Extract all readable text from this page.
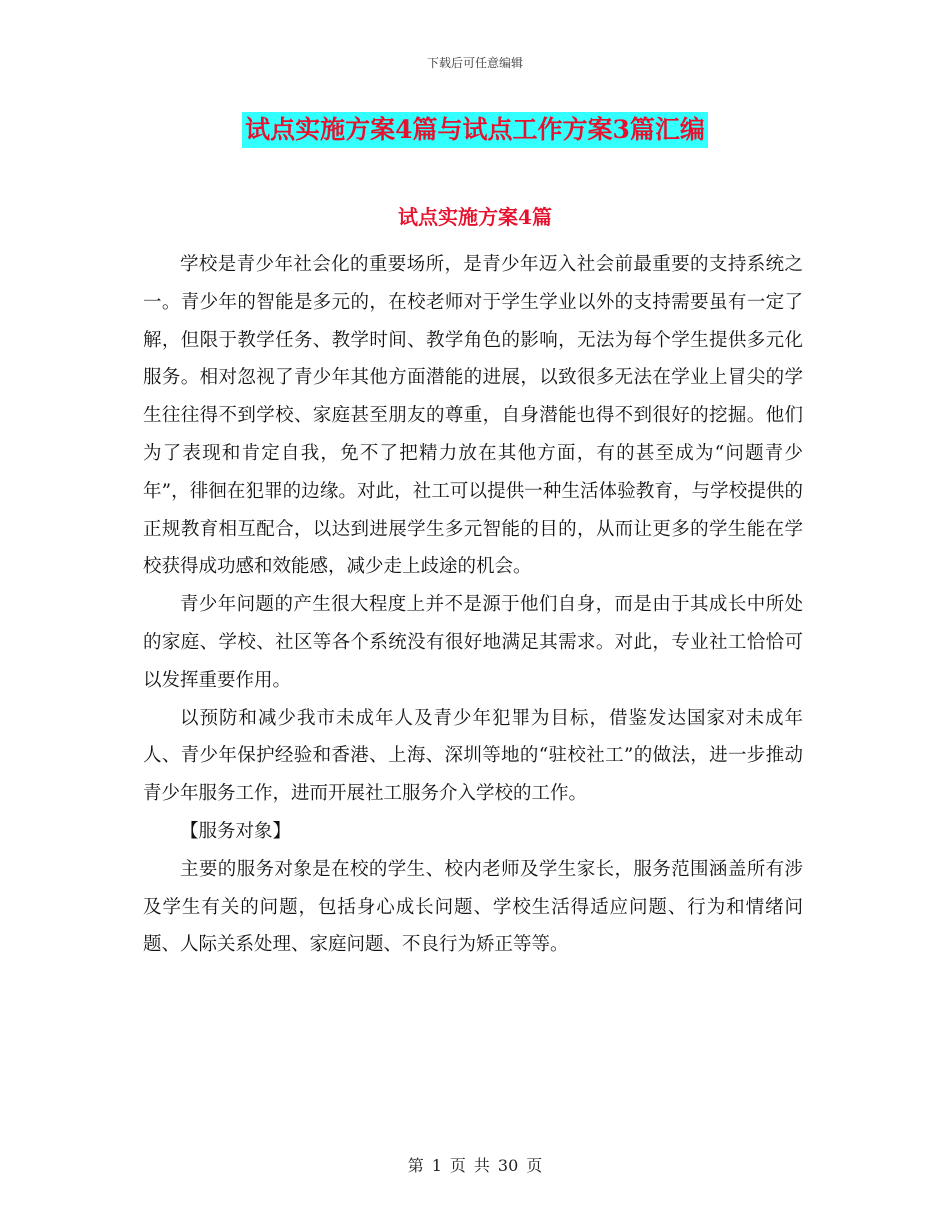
下载后可任意编辑
试点实施方案4篇与试点工作方案3篇汇编
试点实施方案4篇

学校是青少年社会化的重要场所，是青少年迈入社会前最重要的支持系统之一。青少年的智能是多元的，在校老师对于学生学业以外的支持需要虽有一定了解，但限于教学任务、教学时间、教学角色的影响，无法为每个学生提供多元化服务。相对忽视了青少年其他方面潜能的进展，以致很多无法在学业上冒尖的学生往往得不到学校、家庭甚至朋友的尊重，自身潜能也得不到很好的挖掘。他们为了表现和肯定自我，免不了把精力放在其他方面，有的甚至成为“问题青少年”，徘徊在犯罪的边缘。对此，社工可以提供一种生活体验教育，与学校提供的正规教育相互配合，以达到进展学生多元智能的目的，从而让更多的学生能在学校获得成功感和效能感，减少走上歧途的机会。

青少年问题的产生很大程度上并不是源于他们自身，而是由于其成长中所处的家庭、学校、社区等各个系统没有很好地满足其需求。对此，专业社工恰恰可以发挥重要作用。

以预防和减少我市未成年人及青少年犯罪为目标，借鉴发达国家对未成年人、青少年保护经验和香港、上海、深圳等地的“驻校社工”的做法，进一步推动青少年服务工作，进而开展社工服务介入学校的工作。

【服务对象】

主要的服务对象是在校的学生、校内老师及学生家长，服务范围涵盖所有涉及学生有关的问题，包括身心成长问题、学校生活得适应问题、行为和情绪问题、人际关系处理、家庭问题、不良行为矫正等等。

第 1 页 共 30 页
